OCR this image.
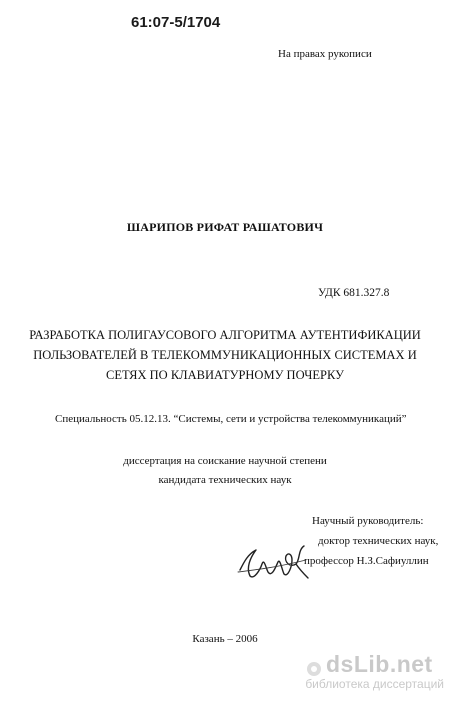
61:07-5/1704
На правах рукописи
ШАРИПОВ РИФАТ РАШАТОВИЧ
УДК 681.327.8
РАЗРАБОТКА ПОЛИГАУСОВОГО АЛГОРИТМА АУТЕНТИФИКАЦИИ
ПОЛЬЗОВАТЕЛЕЙ В ТЕЛЕКОММУНИКАЦИОННЫХ СИСТЕМАХ И
СЕТЯХ ПО КЛАВИАТУРНОМУ ПОЧЕРКУ
Специальность 05.12.13. “Системы, сети и устройства телекоммуникаций”
диссертация на соискание научной степени
кандидата технических наук
Научный руководитель:
доктор технических наук,
профессор Н.З.Сафиуллин
Казань – 2006
dsLib.net
библиотека диссертаций
